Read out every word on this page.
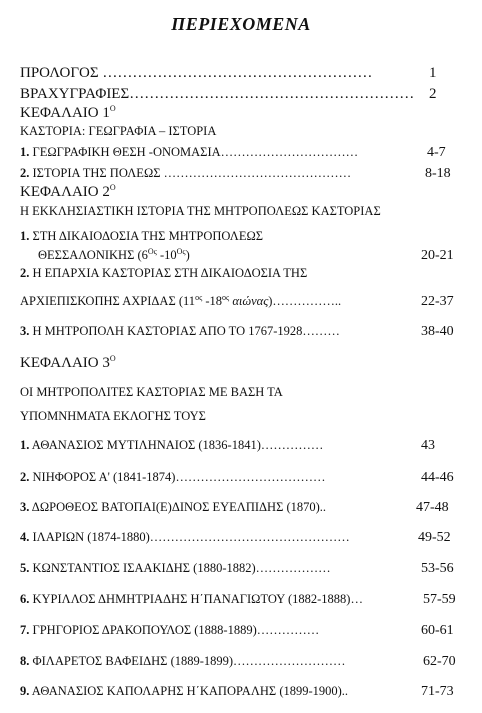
ΠΕΡΙΕΧΟΜΕΝΑ
ΠΡΟΛΟΓΟΣ ………………………………………………	1
ΒΡΑΧΥΓΡΑΦΙΕΣ………………………………………………… 2
ΚΕΦΑΛΑΙΟ $1^O$
ΚΑΣΤΟΡΙΑ: ΓΕΩΓΡΑΦΙΑ – ΙΣΤΟΡΙΑ
1. ΓΕΩΓΡΑΦΙΚΗ ΘΕΣΗ -ΟΝΟΜΑΣΙΑ……………………………	4-7
2. ΙΣΤΟΡΙΑ ΤΗΣ ΠΟΛΕΩΣ ………………………………………	8-18
ΚΕΦΑΛΑΙΟ $2^O$
Η ΕΚΚΛΗΣΙΑΣΤΙΚΗ ΙΣΤΟΡΙΑ ΤΗΣ ΜΗΤΡΟΠΟΛΕΩΣ ΚΑΣΤΟΡΙΑΣ
1. ΣΤΗ ΔΙΚΑΙΟΔΟΣΙΑ ΤΗΣ ΜΗΤΡΟΠΟΛΕΩΣ
ΘΕΣΣΑΛΟΝΙΚΗΣ ($6^{O\varsigma}$ $-10^{O\varsigma}$)	20-21
2. Η ΕΠΑΡΧΙΑ ΚΑΣΤΟΡΙΑΣ ΣΤΗ ΔΙΚΑΙΟΔΟΣΙΑ ΤΗΣ
ΑΡΧΙΕΠΙΣΚΟΠΗΣ ΑΧΡΙΔΑΣ ($11^{o\varsigma}$ $-18^{o\varsigma}$ αιώνας)……………..	22-37
3. Η ΜΗΤΡΟΠΟΛΗ ΚΑΣΤΟΡΙΑΣ ΑΠΟ ΤΟ 1767-1928………	38-40
ΚΕΦΑΛΑΙΟ $3^O$
ΟΙ ΜΗΤΡΟΠΟΛΙΤΕΣ ΚΑΣΤΟΡΙΑΣ ΜΕ ΒΑΣΗ ΤΑ
ΥΠΟΜΝΗΜΑΤΑ ΕΚΛΟΓΗΣ ΤΟΥΣ
1. ΑΘΑΝΑΣΙΟΣ ΜΥΤΙΛΗΝΑΙΟΣ (1836-1841)……………	43
2. ΝΙΗΦΟΡΟΣ Α' (1841-1874)………………………………	44-46
3. ΔΩΡΟΘΕΟΣ ΒΑΤΟΠΑΙ(Ε)ΔΙΝΟΣ ΕΥΕΛΠΙΔΗΣ (1870)..	47-48
4. ΙΛΑΡΙΩΝ (1874-1880)…………………………………………	49-52
5. ΚΩΝΣΤΑΝΤΙΟΣ ΙΣΑΑΚΙΔΗΣ (1880-1882)………………	53-56
6. ΚΥΡΙΛΛΟΣ ΔΗΜΗΤΡΙΑΔΗΣ Η΄ΠΑΝΑΓΙΩΤΟΥ (1882-1888)…	57-59
7. ΓΡΗΓΟΡΙΟΣ ΔΡΑΚΟΠΟΥΛΟΣ (1888-1889)……………	60-61
8. ΦΙΛΑΡΕΤΟΣ ΒΑΦΕΙΔΗΣ (1889-1899)………………………	62-70
9. ΑΘΑΝΑΣΙΟΣ ΚΑΠΟΛΑΡΗΣ Η΄ΚΑΠΟΡΑΛΗΣ (1899-1900)..	71-73
